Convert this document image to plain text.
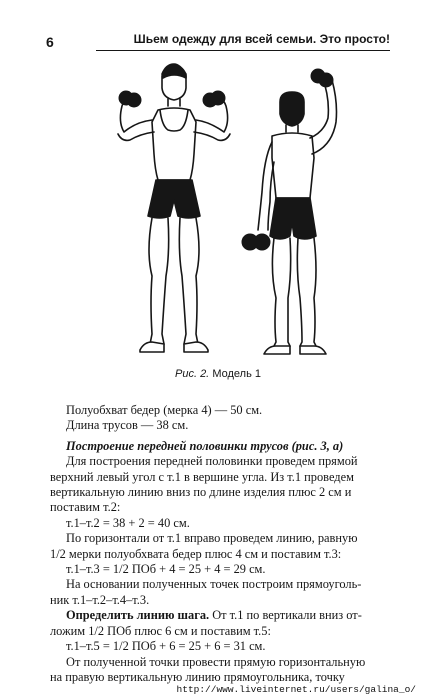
6	Шьем одежду для всей семьи. Это просто!
Рис. 2. Модель 1

Полуобхват бедер (мерка 4) — 50 см.

Длина трусов — 38 см.

Построение передней половинки трусов (рис. 3, а)

Для построения передней половинки проведем прямой

верхний левый угол с т.1 в вершине угла. Из т.1 проведем

вертикальную линию вниз по длине изделия плюс 2 см и

поставим т.2:

т.1–т.2 = 38 + 2 = 40 см.

По горизонтали от т.1 вправо проведем линию, равную

1/2 мерки полуобхвата бедер плюс 4 см и поставим т.3:

т.1–т.3 = 1/2 ПОб + 4 = 25 + 4 = 29 см.

На основании полученных точек построим прямоуголь-

ник т.1–т.2–т.4–т.3.

Определить линию шага. От т.1 по вертикали вниз от-

ложим 1/2 ПОб плюс 6 см и поставим т.5:

т.1–т.5 = 1/2 ПОб + 6 = 25 + 6 = 31 см.

От полученной точки провести прямую горизонтальную

на правую вертикальную линию прямоугольника, точку

http://www.liveinternet.ru/users/galina_o/
